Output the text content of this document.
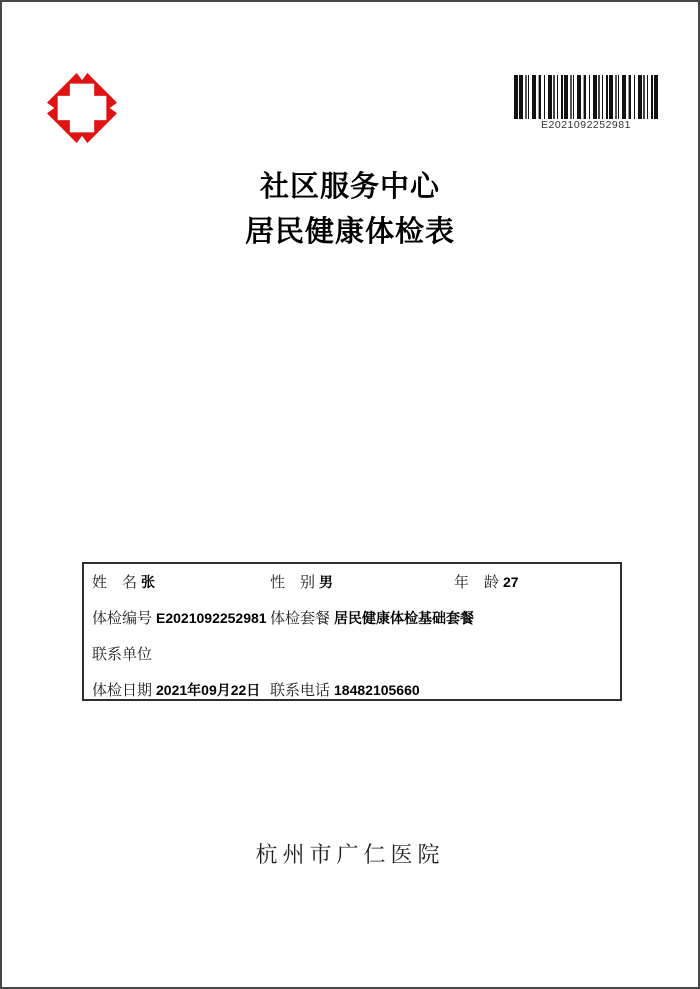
E2021092252981
社区服务中心
居民健康体检表
姓　名 张	性　别 男	年　龄 27
体检编号 E2021092252981 体检套餐 居民健康体检基础套餐
联系单位
体检日期 2021年09月22日 联系电话 18482105660
杭州市广仁医院
